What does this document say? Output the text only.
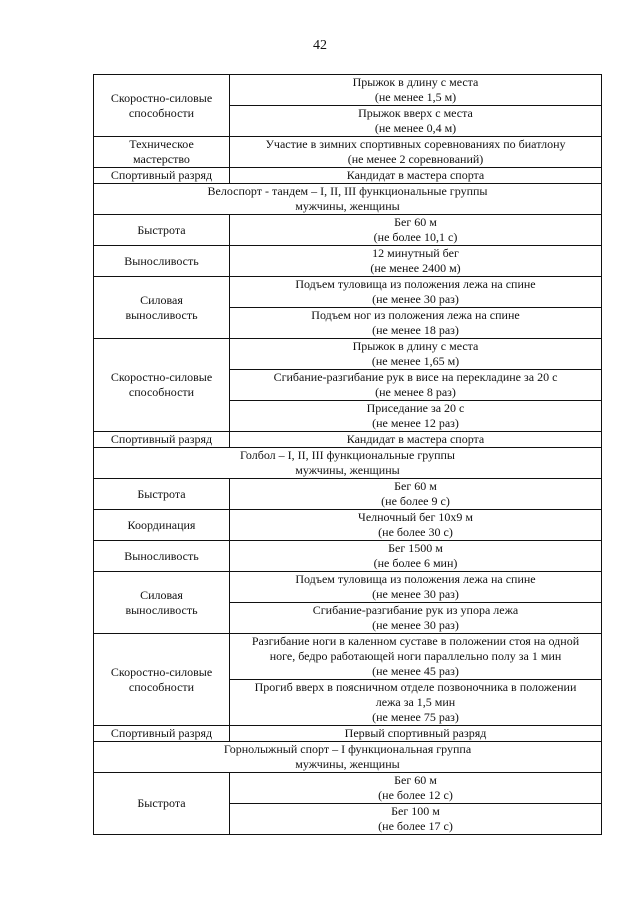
42
Скоростно-силовые
способности	Прыжок в длину с места
(не менее 1,5 м)
	Прыжок вверх с места
(не менее 0,4 м)
Техническое
мастерство	Участие в зимних спортивных соревнованиях по биатлону
(не менее 2 соревнований)
Спортивный разряд	Кандидат в мастера спорта
Велоспорт - тандем – I, II, III функциональные группы
мужчины, женщины	
Быстрота	Бег 60 м
(не более 10,1 с)
Выносливость	12 минутный бег
(не менее 2400 м)
Силовая
выносливость	Подъем туловища из положения лежа на спине
(не менее 30 раз)
	Подъем ног из положения лежа на спине
(не менее 18 раз)
Скоростно-силовые
способности	Прыжок в длину с места
(не менее 1,65 м)
	Сгибание-разгибание рук в висе на перекладине за 20 с
(не менее 8 раз)
	Приседание за 20 с
(не менее 12 раз)
Спортивный разряд	Кандидат в мастера спорта
Голбол – I, II, III функциональные группы
мужчины, женщины	
Быстрота	Бег 60 м
(не более 9 с)
Координация	Челночный бег 10х9 м
(не более 30 с)
Выносливость	Бег 1500 м
(не более 6 мин)
Силовая
выносливость	Подъем туловища из положения лежа на спине
(не менее 30 раз)
	Сгибание-разгибание рук из упора лежа
(не менее 30 раз)
Скоростно-силовые
способности	Разгибание ноги в каленном суставе в положении стоя на одной
ноге, бедро работающей ноги параллельно полу за 1 мин
(не менее 45 раз)
	Прогиб вверх в поясничном отделе позвоночника в положении
лежа за 1,5 мин
(не менее 75 раз)
Спортивный разряд	Первый спортивный разряд
Горнолыжный спорт – I функциональная группа
мужчины, женщины	
Быстрота	Бег 60 м
(не более 12 с)
	Бег 100 м
(не более 17 с)
